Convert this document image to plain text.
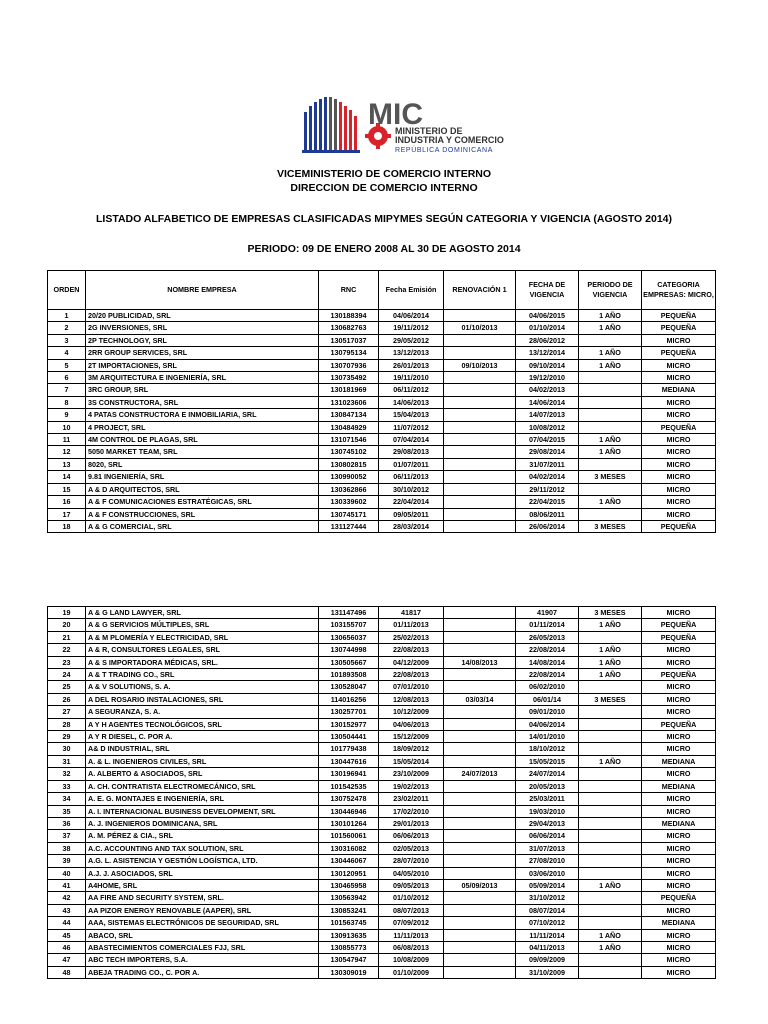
MIC
MINISTERIO DE
INDUSTRIA Y COMERCIO
REPÚBLICA DOMINICANA
VICEMINISTERIO DE COMERCIO INTERNO
DIRECCION DE COMERCIO INTERNO
LISTADO ALFABETICO DE EMPRESAS CLASIFICADAS MIPYMES SEGÚN CATEGORIA Y VIGENCIA (AGOSTO 2014)
PERIODO: 09 DE ENERO 2008 AL 30 DE AGOSTO 2014
ORDEN	NOMBRE EMPRESA	RNC	Fecha Emisión	RENOVACIÓN 1	FECHA DE VIGENCIA	PERIODO DE VIGENCIA	CATEGORIA EMPRESAS: MICRO,
1	20/20 PUBLICIDAD, SRL	130188394	04/06/2014		04/06/2015	1 AÑO	PEQUEÑA
2	2G INVERSIONES, SRL	130682763	19/11/2012	01/10/2013	01/10/2014	1 AÑO	PEQUEÑA
3	2P TECHNOLOGY, SRL	130517037	29/05/2012		28/06/2012		MICRO
4	2RR GROUP SERVICES, SRL	130795134	13/12/2013		13/12/2014	1 AÑO	PEQUEÑA
5	2T IMPORTACIONES, SRL	130707936	26/01/2013	09/10/2013	09/10/2014	1 AÑO	MICRO
6	3M ARQUITECTURA E INGENIERÍA, SRL	130735492	19/11/2010		19/12/2010		MICRO
7	3RC GROUP, SRL	130181969	06/11/2012		04/02/2013		MEDIANA
8	3S CONSTRUCTORA, SRL	131023606	14/06/2013		14/06/2014		MICRO
9	4 PATAS CONSTRUCTORA E INMOBILIARIA, SRL	130847134	15/04/2013		14/07/2013		MICRO
10	4 PROJECT, SRL	130484929	11/07/2012		10/08/2012		PEQUEÑA
11	4M CONTROL DE PLAGAS, SRL	131071546	07/04/2014		07/04/2015	1 AÑO	MICRO
12	5050 MARKET TEAM, SRL	130745102	29/08/2013		29/08/2014	1 AÑO	MICRO
13	8020, SRL	130802815	01/07/2011		31/07/2011		MICRO
14	9.81 INGENIERÍA, SRL	130990052	06/11/2013		04/02/2014	3 MESES	MICRO
15	A & D ARQUITECTOS, SRL	130362866	30/10/2012		29/11/2012		MICRO
16	A & F COMUNICACIONES ESTRATÉGICAS, SRL	130339602	22/04/2014		22/04/2015	1 AÑO	MICRO
17	A & F CONSTRUCCIONES, SRL	130745171	09/05/2011		08/06/2011		MICRO
18	A & G COMERCIAL, SRL	131127444	28/03/2014		26/06/2014	3 MESES	PEQUEÑA
19	A & G LAND LAWYER, SRL	131147496	41817		41907	3 MESES	MICRO
20	A & G SERVICIOS MÚLTIPLES, SRL	103155707	01/11/2013		01/11/2014	1 AÑO	PEQUEÑA
21	A & M PLOMERÍA Y ELECTRICIDAD, SRL	130656037	25/02/2013		26/05/2013		PEQUEÑA
22	A & R, CONSULTORES LEGALES, SRL	130744998	22/08/2013		22/08/2014	1 AÑO	MICRO
23	A & S IMPORTADORA MÉDICAS, SRL.	130505667	04/12/2009	14/08/2013	14/08/2014	1 AÑO	MICRO
24	A & T TRADING CO., SRL	101893508	22/08/2013		22/08/2014	1 AÑO	PEQUEÑA
25	A & V SOLUTIONS, S. A.	130528047	07/01/2010		06/02/2010		MICRO
26	A DEL ROSARIO INSTALACIONES, SRL	114016256	12/08/2013	03/03/14	06/01/14	3 MESES	MICRO
27	A SEGURANZA, S. A.	130257701	10/12/2009		09/01/2010		MICRO
28	A Y H AGENTES TECNOLÓGICOS, SRL	130152977	04/06/2013		04/06/2014		PEQUEÑA
29	A Y R DIESEL, C. POR A.	130504441	15/12/2009		14/01/2010		MICRO
30	A& D INDUSTRIAL, SRL	101779438	18/09/2012		18/10/2012		MICRO
31	A. & L. INGENIEROS CIVILES, SRL	130447616	15/05/2014		15/05/2015	1 AÑO	MEDIANA
32	A. ALBERTO & ASOCIADOS, SRL	130196941	23/10/2009	24/07/2013	24/07/2014		MICRO
33	A. CH. CONTRATISTA ELECTROMECÁNICO, SRL	101542535	19/02/2013		20/05/2013		MEDIANA
34	A. E. G. MONTAJES E INGENIERÍA, SRL	130752478	23/02/2011		25/03/2011		MICRO
35	A. I. INTERNACIONAL BUSINESS DEVELOPMENT, SRL	130446946	17/02/2010		19/03/2010		MICRO
36	A. J. INGENIEROS DOMINICANA, SRL	130101264	29/01/2013		29/04/2013		MEDIANA
37	A. M. PÉREZ & CIA., SRL	101560061	06/06/2013		06/06/2014		MICRO
38	A.C. ACCOUNTING AND TAX SOLUTION, SRL	130316082	02/05/2013		31/07/2013		MICRO
39	A.G. L. ASISTENCIA Y GESTIÓN LOGÍSTICA, LTD.	130446067	28/07/2010		27/08/2010		MICRO
40	A.J. J. ASOCIADOS, SRL	130120951	04/05/2010		03/06/2010		MICRO
41	A4HOME, SRL	130465958	09/05/2013	05/09/2013	05/09/2014	1 AÑO	MICRO
42	AA FIRE AND SECURITY SYSTEM, SRL.	130563942	01/10/2012		31/10/2012		PEQUEÑA
43	AA PIZOR ENERGY RENOVABLE (AAPER), SRL	130853241	08/07/2013		08/07/2014		MICRO
44	AAA, SISTEMAS ELECTRÓNICOS DE SEGURIDAD, SRL	101563745	07/09/2012		07/10/2012		MEDIANA
45	ABACO, SRL	130913635	11/11/2013		11/11/2014	1 AÑO	MICRO
46	ABASTECIMIENTOS COMERCIALES FJJ, SRL	130855773	06/08/2013		04/11/2013	1 AÑO	MICRO
47	ABC TECH IMPORTERS, S.A.	130547947	10/08/2009		09/09/2009		MICRO
48	ABEJA TRADING CO., C. POR A.	130309019	01/10/2009		31/10/2009		MICRO
